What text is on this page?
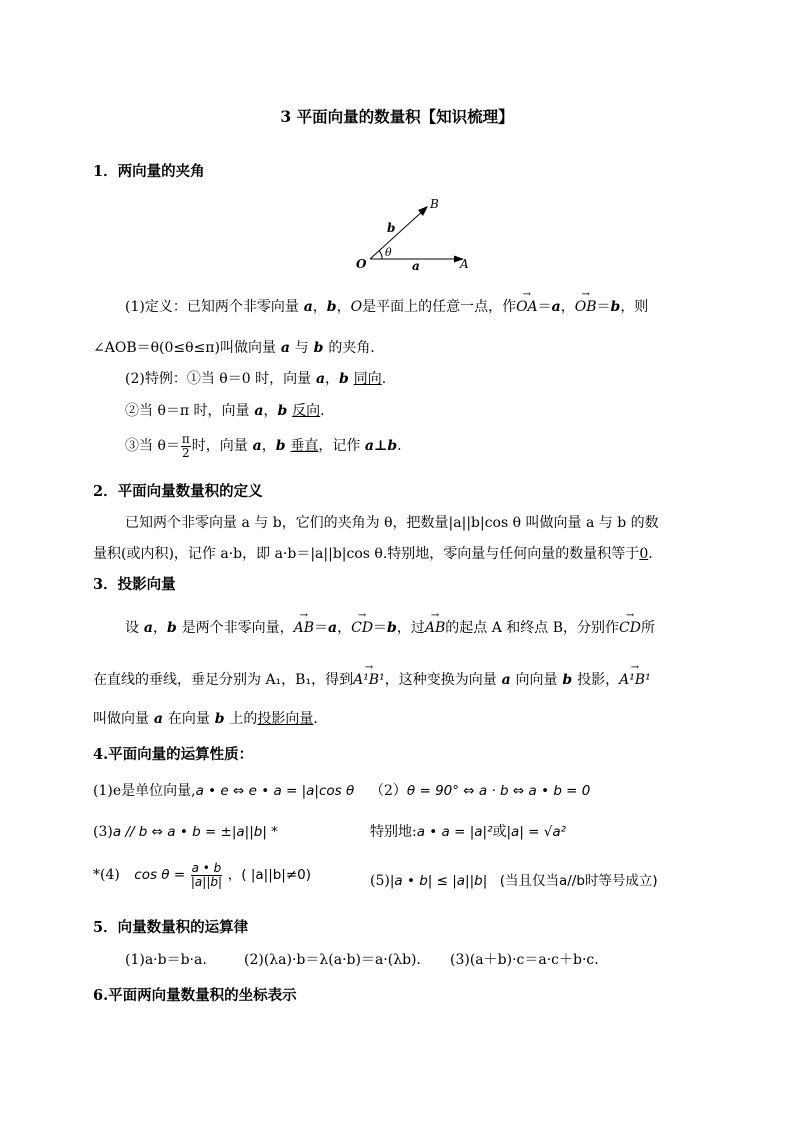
3 平面向量的数量积【知识梳理】
1．两向量的夹角
O	A
B
a
b
θ
(1)定义：已知两个非零向量 a，b，O是平面上的任意一点，作OA
→
＝a，OB
→
＝b，则
∠AOB＝θ(0≤θ≤π)叫做向量 a 与 b 的夹角．
(2)特例：①当 θ＝0 时，向量 a，b 同向.
②当 θ＝π 时，向量 a，b 反向.
③当 $\theta= \frac{\pi}{2}$ 时，向量 a，b 垂直，记作 a⊥b.
2．平面向量数量积的定义
已知两个非零向量 a 与 b，它们的夹角为 θ，把数量|a||b|cos θ 叫做向量 a 与 b 的数
量积(或内积)，记作 a·b，即 a·b＝|a||b|cos θ.特别地，零向量与任何向量的数量积等于0.
3．投影向量
设 a，b 是两个非零向量，AB
→
＝a，CD
→
＝b，过AB
→
的起点 A 和终点 B，分别作CD
→
所
在直线的垂线，垂足分别为 A₁，B₁，得到A¹B¹
→
，这种变换为向量 a 向向量 b 投影，A¹B¹
→
叫做向量 a 在向量 b 上的投影向量．
4.平面向量的运算性质：
(1)e是单位向量,a • e ⇔ e • a = |a|cos θ （2）θ = 90° ⇔ a · b ⇔ a • b = 0
(3)a // b ⇔ a • b = ±|a||b| *	特别地:a • a = |a|²或|a| = √a²
*(4) $\cos \theta = \frac{a • b}{|a||b|}$ ，( |a||b|≠0)	(5)|a • b| ≤ |a||b| (当且仅当a//b时等号成立)
5．向量数量积的运算律
(1)a·b＝b·a.	(2)(λa)·b＝λ(a·b)＝a·(λb)． (3)(a＋b)·c＝a·c＋b·c.
6.平面两向量数量积的坐标表示
